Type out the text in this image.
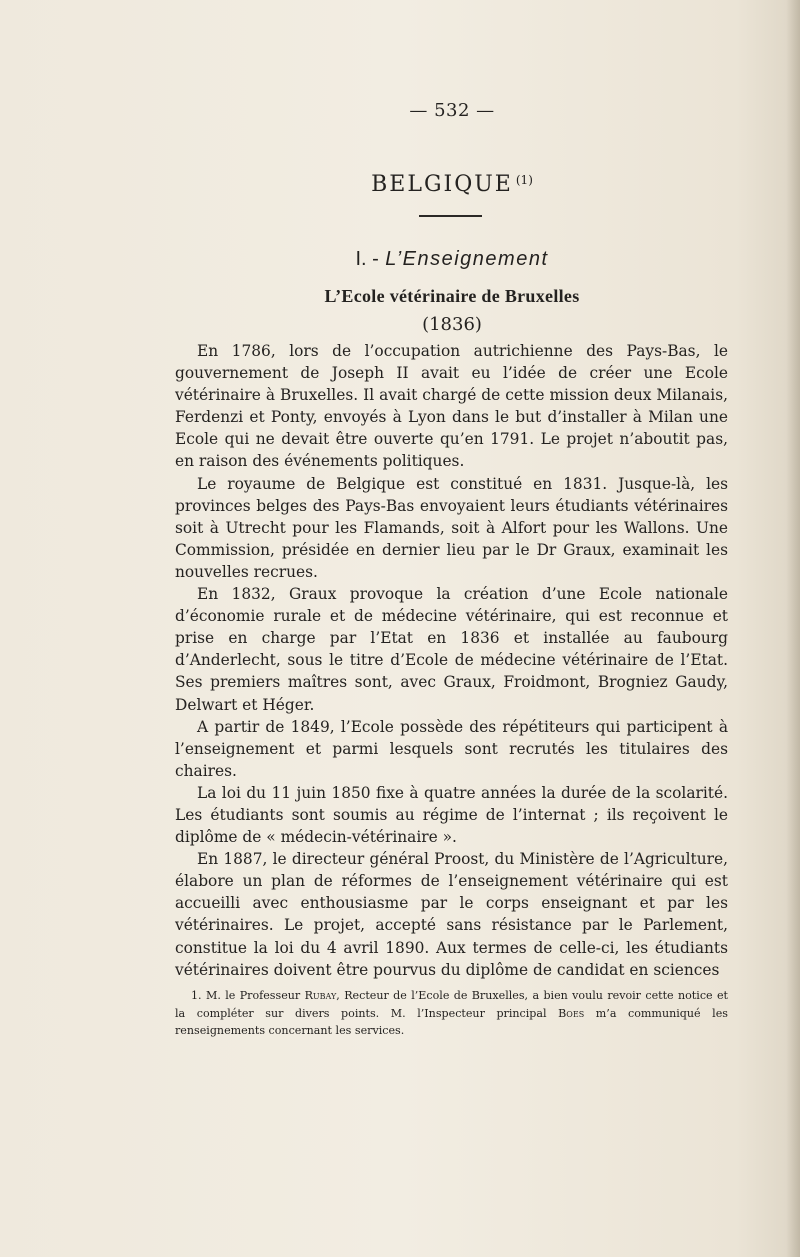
— 532 —
BELGIQUE $^{(1)}$
I. - L’Enseignement
L’Ecole vétérinaire de Bruxelles
(1836)

En 1786, lors de l’occupation autrichienne des Pays-Bas, le gouvernement de Joseph II avait eu l’idée de créer une Ecole vétérinaire à Bruxelles. Il avait chargé de cette mission deux Milanais, Ferdenzi et Ponty, envoyés à Lyon dans le but d’installer à Milan une Ecole qui ne devait être ouverte qu’en 1791. Le projet n’aboutit pas, en raison des événements politiques.

Le royaume de Belgique est constitué en 1831. Jusque-là, les provinces belges des Pays-Bas envoyaient leurs étudiants vétérinaires soit à Utrecht pour les Flamands, soit à Alfort pour les Wallons. Une Commission, présidée en dernier lieu par le Dr Graux, examinait les nouvelles recrues.

En 1832, Graux provoque la création d’une Ecole nationale d’économie rurale et de médecine vétérinaire, qui est reconnue et prise en charge par l’Etat en 1836 et installée au faubourg d’Anderlecht, sous le titre d’Ecole de médecine vétérinaire de l’Etat. Ses premiers maîtres sont, avec Graux, Froidmont, Brogniez Gaudy, Delwart et Héger.

A partir de 1849, l’Ecole possède des répétiteurs qui participent à l’enseignement et parmi lesquels sont recrutés les titulaires des chaires.

La loi du 11 juin 1850 fixe à quatre années la durée de la scolarité. Les étudiants sont soumis au régime de l’internat ; ils reçoivent le diplôme de « médecin-vétérinaire ».

En 1887, le directeur général Proost, du Ministère de l’Agriculture, élabore un plan de réformes de l’enseignement vétérinaire qui est accueilli avec enthousiasme par le corps enseignant et par les vétérinaires. Le projet, accepté sans résistance par le Parlement, constitue la loi du 4 avril 1890. Aux termes de celle-ci, les étudiants vétérinaires doivent être pourvus du diplôme de candidat en sciences

1. M. le Professeur Rubay, Recteur de l’Ecole de Bruxelles, a bien voulu revoir cette notice et la compléter sur divers points. M. l’Inspecteur principal Boes m’a communiqué les renseignements concernant les services.
